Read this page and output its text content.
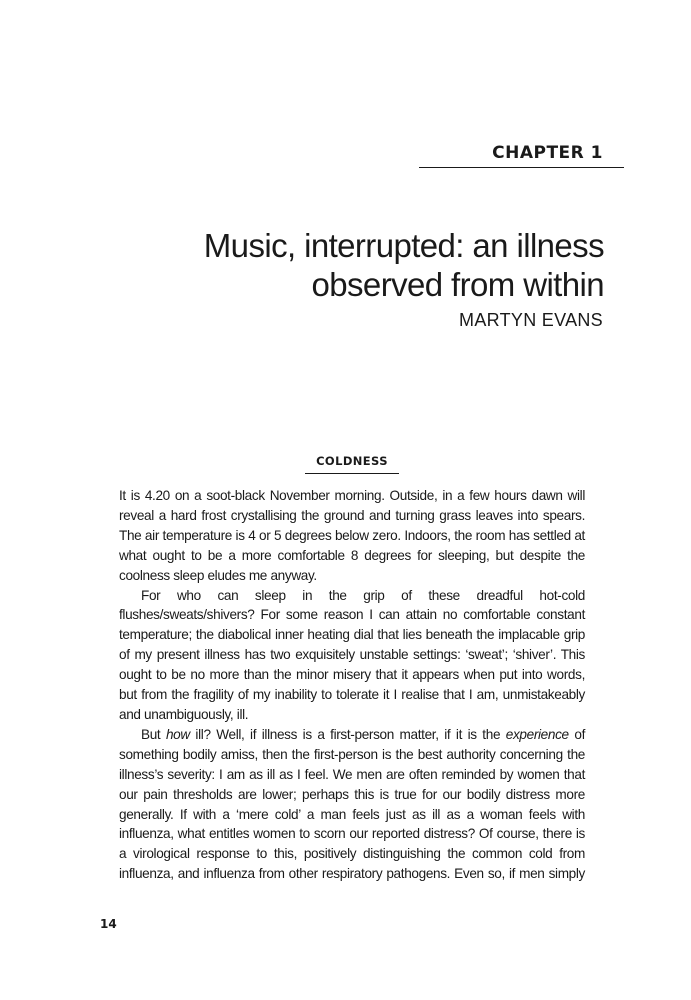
CHAPTER 1
Music, interrupted: an illness observed from within
MARTYN EVANS
COLDNESS

It is 4.20 on a soot-black November morning. Outside, in a few hours dawn will reveal a hard frost crystallising the ground and turning grass leaves into spears. The air temperature is 4 or 5 degrees below zero. Indoors, the room has settled at what ought to be a more comfortable 8 degrees for sleeping, but despite the coolness sleep eludes me anyway.

For who can sleep in the grip of these dreadful hot-cold flushes/sweats/shivers? For some reason I can attain no comfortable constant temperature; the diabolical inner heating dial that lies beneath the implacable grip of my present illness has two exquisitely unstable settings: ‘sweat’; ‘shiver’. This ought to be no more than the minor misery that it appears when put into words, but from the fragility of my inability to tolerate it I realise that I am, unmistakeably and unambiguously, ill.

But how ill? Well, if illness is a first-person matter, if it is the experience of something bodily amiss, then the first-person is the best authority concerning the illness’s severity: I am as ill as I feel. We men are often reminded by women that our pain thresholds are lower; perhaps this is true for our bodily distress more generally. If with a ‘mere cold’ a man feels just as ill as a woman feels with influenza, what entitles women to scorn our reported distress? Of course, there is a virological response to this, positively distinguishing the common cold from influenza, and influenza from other respiratory pathogens. Even so, if men simply

14
